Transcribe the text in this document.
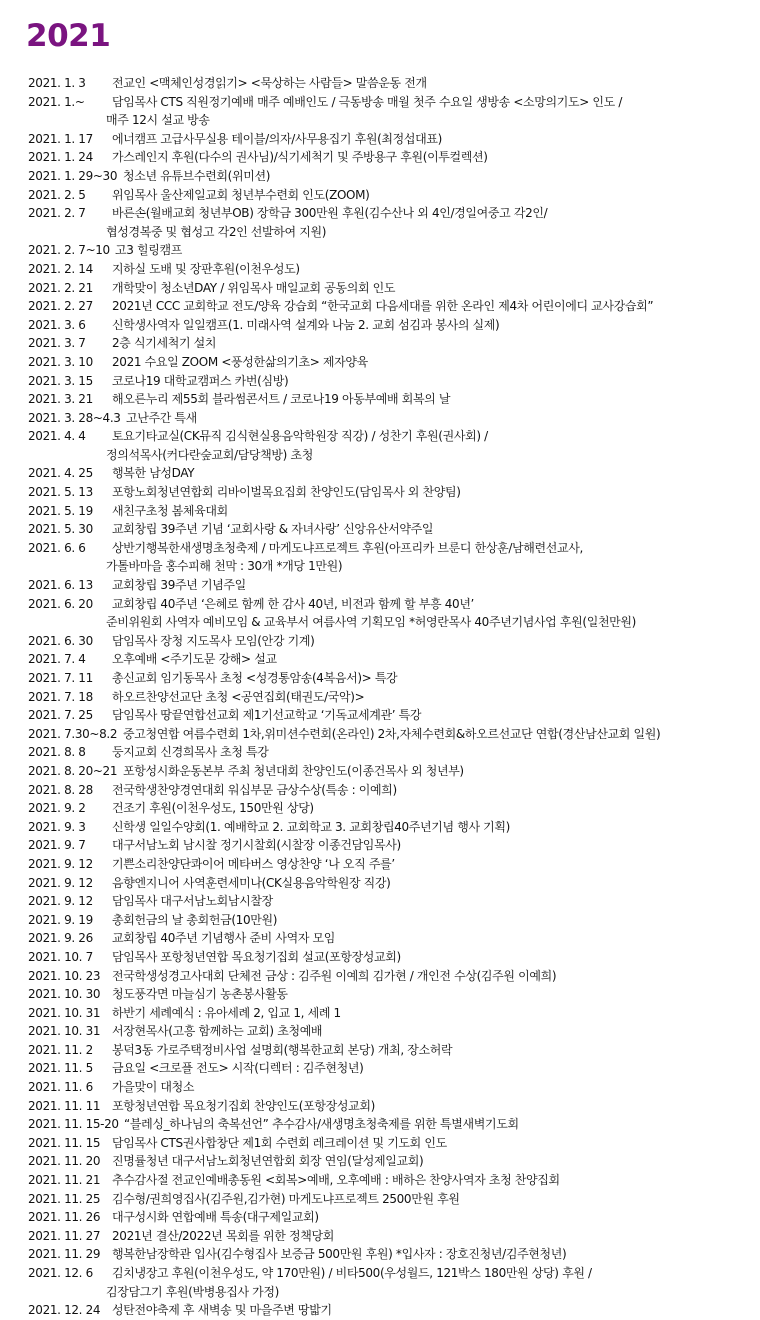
2021
2021. 1. 3	전교인 <맥체인성경읽기> <묵상하는 사람들> 말씀운동 전개
2021. 1.~	담임목사 CTS 직원정기예배 매주 예배인도 / 극동방송 매월 첫주 수요일 생방송 <소망의기도> 인도 /
매주 12시 설교 방송
2021. 1. 17	에너캠프 고급사무실용 테이블/의자/사무용집기 후원(최정섭대표)
2021. 1. 24	가스레인지 후원(다수의 권사님)/식기세척기 및 주방용구 후원(이투컬렉션)
2021. 1. 29~30 청소년 유튜브수련회(위미션)
2021. 2. 5	위임목사 울산제일교회 청년부수련회 인도(ZOOM)
2021. 2. 7	바른손(월배교회 청년부OB) 장학금 300만원 후원(김수산나 외 4인/경일여중고 각2인/
협성경복중 및 협성고 각2인 선발하여 지원)
2021. 2. 7~10 고3 힐링캠프
2021. 2. 14	지하실 도배 및 장판후원(이천우성도)
2021. 2. 21	개학맞이 청소년DAY / 위임목사 매일교회 공동의회 인도
2021. 2. 27	2021년 CCC 교회학교 전도/양육 강습회 “한국교회 다음세대를 위한 온라인 제4차 어린이에디 교사강습회”
2021. 3. 6	신학생사역자 일일캠프(1. 미래사역 설계와 나눔 2. 교회 섬김과 봉사의 실제)
2021. 3. 7	2층 식기세척기 설치
2021. 3. 10	2021 수요일 ZOOM <풍성한삶의기초> 제자양육
2021. 3. 15	코로나19 대학교캠퍼스 카번(심방)
2021. 3. 21	해오른누리 제55회 블라썸콘서트 / 코로나19 아동부예배 회복의 날
2021. 3. 28~4.3 고난주간 특새
2021. 4. 4	토요기타교실(CK뮤직 김식현실용음악학원장 직강) / 성찬기 후원(권사회) /
정의석목사(커다란숲교회/담당책방) 초청
2021. 4. 25	행복한 남성DAY
2021. 5. 13	포항노회청년연합회 리바이벌목요집회 찬양인도(담임목사 외 찬양팀)
2021. 5. 19	새친구초청 봄체육대회
2021. 5. 30	교회창립 39주년 기념 ‘교회사랑 & 자녀사랑’ 신앙유산서약주일
2021. 6. 6	상반기행복한새생명초청축제 / 마게도냐프로젝트 후원(아프리카 브룬디 한상훈/남해련선교사,
가톨바마을 홍수피해 천막 : 30개 *개당 1만원)
2021. 6. 13	교회창립 39주년 기념주일
2021. 6. 20	교회창립 40주년 ‘은혜로 함께 한 감사 40년, 비전과 함께 할 부흥 40년’
준비위원회 사역자 예비모임 & 교육부서 여름사역 기획모임 *허영란목사 40주년기념사업 후원(일천만원)
2021. 6. 30	담임목사 장청 지도목사 모임(안강 기계)
2021. 7. 4	오후예배 <주기도문 강해> 설교
2021. 7. 11	총신교회 임기동목사 초청 <성경통암송(4복음서)> 특강
2021. 7. 18	하오르찬양선교단 초청 <공연집회(태권도/국악)>
2021. 7. 25	담임목사 땅끝연합선교회 제1기선교학교 ‘기독교세계관’ 특강
2021. 7.30~8.2 중고청연합 여름수련회 1차,위미션수련회(온라인) 2차,자체수련회&하오르선교단 연합(경산남산교회 일원)
2021. 8. 8	둥지교회 신경희목사 초청 특강
2021. 8. 20~21 포항성시화운동본부 주최 청년대회 찬양인도(이종건목사 외 청년부)
2021. 8. 28	전국학생찬양경연대회 워십부문 금상수상(특송 : 이예희)
2021. 9. 2	건조기 후원(이천우성도, 150만원 상당)
2021. 9. 3	신학생 일일수양회(1. 예배학교 2. 교회학교 3. 교회창립40주년기념 행사 기획)
2021. 9. 7	대구서남노회 남시찰 정기시찰회(시찰장 이종건담임목사)
2021. 9. 12	기쁜소리찬양단콰이어 메타버스 영상찬양 ‘나 오직 주를’
2021. 9. 12	음향엔지니어 사역훈련세미나(CK실용음악학원장 직강)
2021. 9. 12	담임목사 대구서남노회남시찰장
2021. 9. 19	총회헌금의 날 총회헌금(10만원)
2021. 9. 26	교회창립 40주년 기념행사 준비 사역자 모임
2021. 10. 7	담임목사 포항청년연합 목요청기집회 설교(포항장성교회)
2021. 10. 23 전국학생성경고사대회 단체전 금상 : 김주원 이예희 김가현 / 개인전 수상(김주원 이예희)
2021. 10. 30 청도풍각면 마늘심기 농촌봉사활동
2021. 10. 31 하반기 세례예식 : 유아세례 2, 입교 1, 세례 1
2021. 10. 31 서장현목사(고흥 함께하는 교회) 초청예배
2021. 11. 2	봉덕3동 가로주택정비사업 설명회(행복한교회 본당) 개최, 장소허락
2021. 11. 5	금요일 <크로플 전도> 시작(디렉터 : 김주현청년)
2021. 11. 6	가을맞이 대청소
2021. 11. 11 포항청년연합 목요청기집회 찬양인도(포항장성교회)
2021. 11. 15-20 “블레싱_하나님의 축복선언” 추수감사/새생명초청축제를 위한 특별새벽기도회
2021. 11. 15 담임목사 CTS권사합창단 제1회 수련회 레크레이션 및 기도회 인도
2021. 11. 20 진명률청년 대구서남노회청년연합회 회장 연임(달성제일교회)
2021. 11. 21 추수감사절 전교인예배총동원 <회복>예배, 오후예배 : 배하은 찬양사역자 초청 찬양집회
2021. 11. 25 김수형/권희영집사(김주원,김가현) 마게도냐프로젝트 2500만원 후원
2021. 11. 26 대구성시화 연합예배 특송(대구제일교회)
2021. 11. 27 2021년 결산/2022년 목회를 위한 정책당회
2021. 11. 29 행복한남장학관 입사(김수형집사 보증금 500만원 후원) *입사자 : 장호진청년/김주현청년)
2021. 12. 6	김치냉장고 후원(이천우성도, 약 170만원) / 비타500(우성월드, 121박스 180만원 상당) 후원 /
김장담그기 후원(박병용집사 가정)
2021. 12. 24 성탄전야축제 후 새벽송 및 마을주변 땅밟기
